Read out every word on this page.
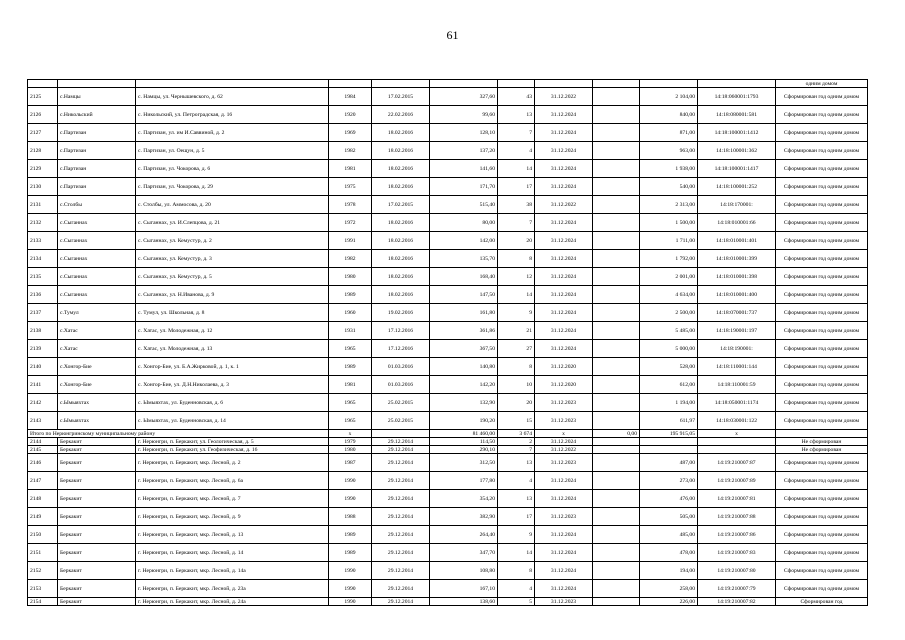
61
											одним домом
2125	с.Намцы	с. Намцы, ул. Чернышевского, д. 62	1984	17.02.2015	327,60	43	31.12.2022		2 104,00	14:18:060001:1793	Сформирован год одним домом
2126	с.Никольский	с. Никольский, ул. Петроградская, д. 16	1920	22.02.2016	99,60	13	31.12.2024		840,00	14:18:080001:581	Сформирован год одним домом
2127	с.Партизан	с. Партизан, ул. им И.Саввиной, д. 2	1969	18.02.2016	128,10	7	31.12.2024		871,00	14:18:100001:1412	Сформирован год одним домом
2128	с.Партизан	с. Партизан, ул. Оещун, д. 5	1982	18.02.2016	137,20	4	31.12.2024		963,00	14:18:100001:362	Сформирован год одним домом
2129	с.Партизан	с. Партизан, ул. Чокорова, д. 6	1981	18.02.2016	141,60	14	31.12.2024		1 938,00	14:18:100001:1417	Сформирован год одним домом
2130	с.Партизан	с. Партизан, ул. Чокорова, д. 29	1975	18.02.2016	171,70	17	31.12.2024		540,00	14:18:100001:252	Сформирован год одним домом
2131	с.Столбы	с. Столбы, ул. Аммосова, д. 20	1978	17.02.2015	515,40	38	31.12.2022		2 313,00	14:18:170001:	Сформирован год одним домом
2132	с.Сыганнах	с. Сыганнах, ул. И.Слепцова, д. 21	1972	18.02.2016	80,00	7	31.12.2024		1 500,00	14:18:010001:66	Сформирован год одним домом
2133	с.Сыганнах	с. Сыганнах, ул. Кемустур, д. 2	1991	18.02.2016	142,00	20	31.12.2024		1 711,00	14:18:010001:401	Сформирован год одним домом
2134	с.Сыганнах	с. Сыганнах, ул. Кемустур, д. 3	1982	18.02.2016	135,70	8	31.12.2024		1 792,00	14:18:010001:399	Сформирован год одним домом
2135	с.Сыганнах	с. Сыганнах, ул. Кемустур, д. 5	1980	18.02.2016	168,40	12	31.12.2024		2 001,00	14:18:010001:398	Сформирован год одним домом
2136	с.Сыганнах	с. Сыганнах, ул. Н.Иванова, д. 9	1989	18.02.2016	147,50	14	31.12.2024		4 634,00	14:18:010001:400	Сформирован год одним домом
2137	с.Тумул	с. Тумул, ул. Школьная, д. 8	1960	19.02.2016	161,80	9	31.12.2024		2 500,00	14:18:070001:737	Сформирован год одним домом
2138	с.Хатас	с. Хатас, ул. Молодежная, д. 12	1931	17.12.2016	361,86	21	31.12.2024		5 485,00	14:18:190001:197	Сформирован год одним домом
2139	с.Хатас	с. Хатас, ул. Молодежная, д. 13	1965	17.12.2016	367,50	27	31.12.2024		5 000,00	14:18:190001:	Сформирован год одним домом
2140	с.Хонгор-Бие	с. Хонгор-Бие, ул. Б.А.Жирковой, д. 1, к. 1	1989	01.03.2016	140,80	8	31.12.2020		528,00	14:18:110001:144	Сформирован год одним домом
2141	с.Хонгор-Бие	с. Хонгор-Бие, ул. Д.Н.Николаева, д. 3	1981	01.03.2016	142,20	10	31.12.2020		612,00	14:18:110001:59	Сформирован год одним домом
2142	с.Ымыяхтах	с. Ымыяхтах, ул. Буденновская, д. 6	1965	25.02.2015	132,90	20	31.12.2023		1 194,00	14:18:050001:1174	Сформирован год одним домом
2143	с.Ымыяхтах	с. Ымыяхтах, ул. Буденновская, д. 14	1965	25.02.2015	190,20	15	31.12.2023		611,97	14:18:030001:122	Сформирован год одним домом
Итого по Нерюнгринскому муниципальному району			x		81 460,00	3 674	x	0,00	195 915,05	x	
2144	Беркакит	г. Нерюнгри, п. Беркакит, ул. Геологическая, д. 5	1979	29.12.2014	114,50	2	31.12.2024				Не сформирован
2145	Беркакит	г. Нерюнгри, п. Беркакит, ул. Геофизическая, д. 16	1980	29.12.2014	290,10	7	31.12.2022				Не сформирован
2146	Беркакит	г. Нерюнгри, п. Беркакит, мкр. Лесной, д. 2	1987	29.12.2014	312,50	13	31.12.2023		487,00	14:19:210007:87	Сформирован год одним домом
2147	Беркакит	г. Нерюнгри, п. Беркакит, мкр. Лесной, д. 6а	1990	29.12.2014	177,80	4	31.12.2024		273,00	14:19:210007:89	Сформирован год одним домом
2148	Беркакит	г. Нерюнгри, п. Беркакит, мкр. Лесной, д. 7	1990	29.12.2014	354,20	13	31.12.2024		476,00	14:19:210007:81	Сформирован год одним домом
2149	Беркакит	г. Нерюнгри, п. Беркакит, мкр. Лесной, д. 9	1988	29.12.2014	382,90	17	31.12.2023		505,00	14:19:210007:88	Сформирован год одним домом
2150	Беркакит	г. Нерюнгри, п. Беркакит, мкр. Лесной, д. 13	1989	29.12.2014	264,40	9	31.12.2024		485,00	14:19:210007:86	Сформирован год одним домом
2151	Беркакит	г. Нерюнгри, п. Беркакит, мкр. Лесной, д. 14	1989	29.12.2014	347,70	14	31.12.2024		478,00	14:19:210007:83	Сформирован год одним домом
2152	Беркакит	г. Нерюнгри, п. Беркакит, мкр. Лесной, д. 14а	1990	29.12.2014	108,80	8	31.12.2024		194,00	14:19:210007:80	Сформирован год одним домом
2153	Беркакит	г. Нерюнгри, п. Беркакит, мкр. Лесной, д. 23а	1990	29.12.2014	167,10	4	31.12.2024		258,00	14:19:210007:79	Сформирован год одним домом
2154	Беркакит	г. Нерюнгри, п. Беркакит, мкр. Лесной, д. 24а	1990	29.12.2014	138,60	5	31.12.2023		226,00	14:19:210007:82	Сформирован год
